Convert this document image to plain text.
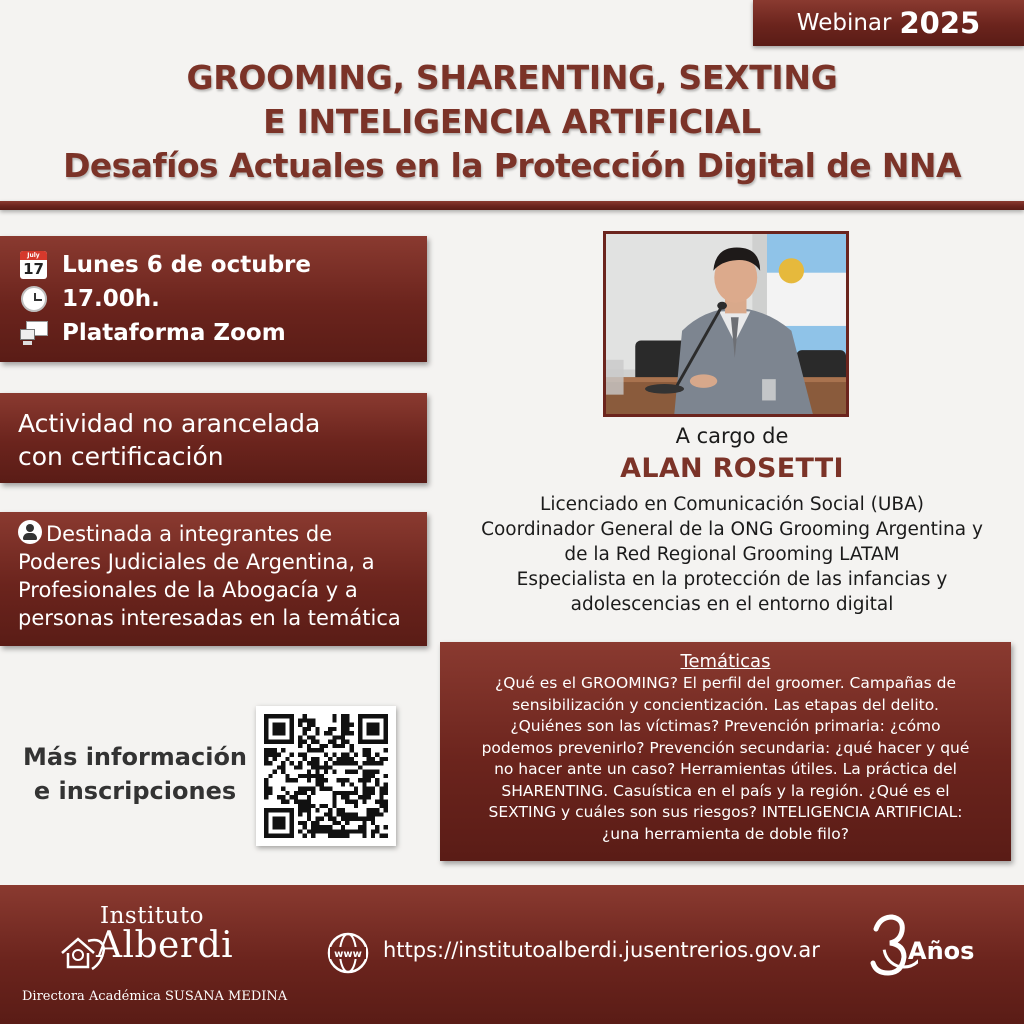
Webinar 2025
GROOMING, SHARENTING, SEXTING
E INTELIGENCIA ARTIFICIAL
Desafíos Actuales en la Protección Digital de NNA
July
17 Lunes 6 de octubre
17.00h.
Plataforma Zoom
Actividad no arancelada
con certificación
Destinada a integrantes de
Poderes Judiciales de Argentina, a
Profesionales de la Abogacía y a
personas interesadas en la temática
Más información
e inscripciones
A cargo de
ALAN ROSETTI
Licenciado en Comunicación Social (UBA)
Coordinador General de la ONG Grooming Argentina y
de la Red Regional Grooming LATAM
Especialista en la protección de las infancias y
adolescencias en el entorno digital
Temáticas
¿Qué es el GROOMING? El perfil del groomer. Campañas de
sensibilización y concientización. Las etapas del delito.
¿Quiénes son las víctimas? Prevención primaria: ¿cómo
podemos prevenirlo? Prevención secundaria: ¿qué hacer y qué
no hacer ante un caso? Herramientas útiles. La práctica del
SHARENTING. Casuística en el país y la región. ¿Qué es el
SEXTING y cuáles son sus riesgos? INTELIGENCIA ARTIFICIAL:
¿una herramienta de doble filo?
Instituto
Alberdi
Directora Académica SUSANA MEDINA
www https://institutoalberdi.jusentrerios.gov.ar	Años
